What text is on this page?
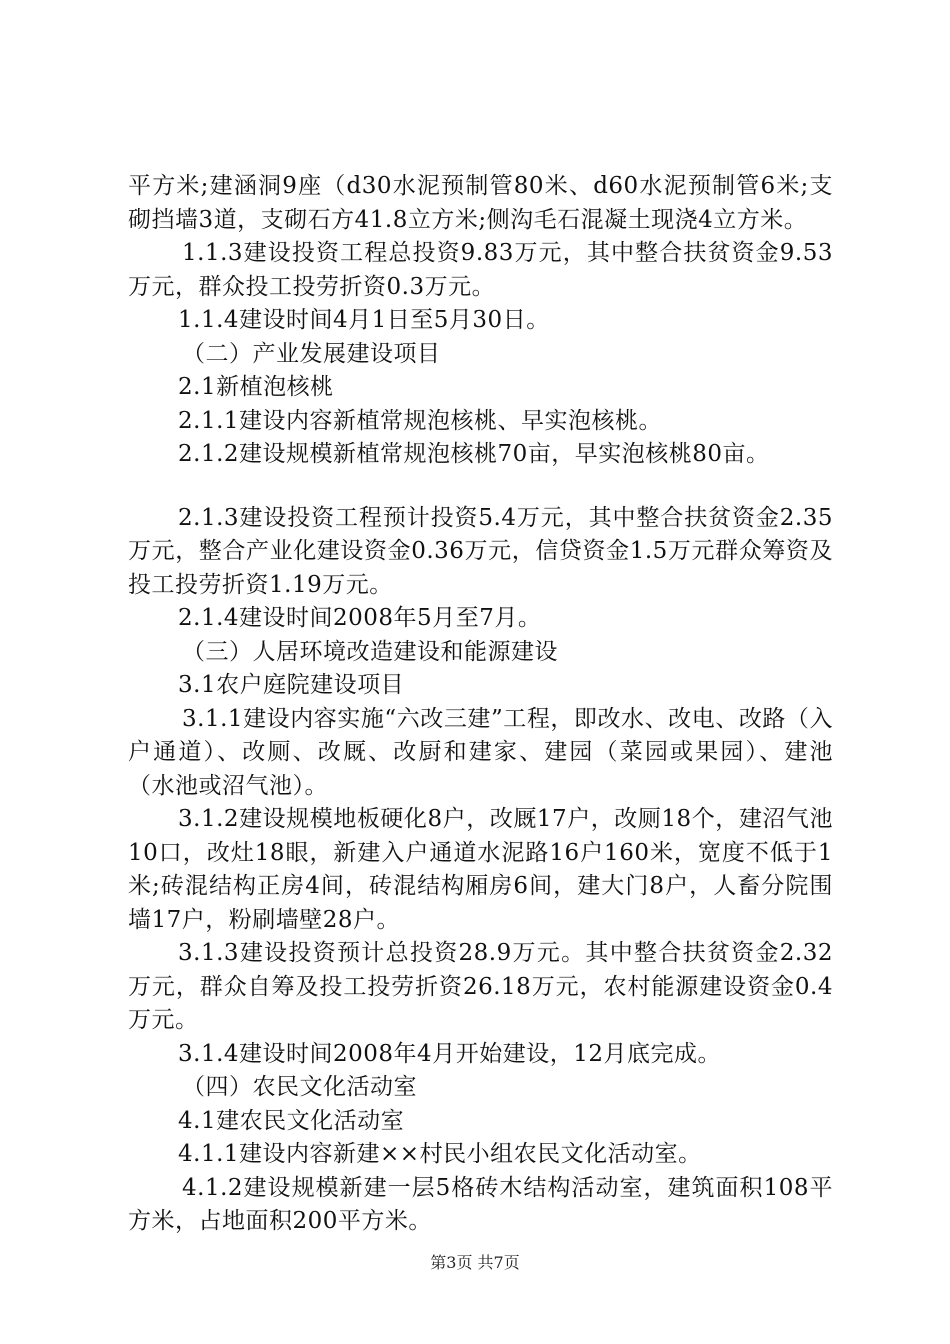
平方米;建涵洞9座（d30水泥预制管80米、d60水泥预制管6米;支砌挡墙3道，支砌石方41.8立方米;侧沟毛石混凝土现浇4立方米。

1.1.3建设投资工程总投资9.83万元，其中整合扶贫资金9.53万元，群众投工投劳折资0.3万元。

1.1.4建设时间4月1日至5月30日。

（二）产业发展建设项目

2.1新植泡核桃

2.1.1建设内容新植常规泡核桃、早实泡核桃。

2.1.2建设规模新植常规泡核桃70亩，早实泡核桃80亩。

2.1.3建设投资工程预计投资5.4万元，其中整合扶贫资金2.35万元，整合产业化建设资金0.36万元，信贷资金1.5万元群众筹资及投工投劳折资1.19万元。

2.1.4建设时间2008年5月至7月。

（三）人居环境改造建设和能源建设

3.1农户庭院建设项目

3.1.1建设内容实施“六改三建”工程，即改水、改电、改路（入户通道）、改厕、改厩、改厨和建家、建园（菜园或果园）、建池（水池或沼气池）。

3.1.2建设规模地板硬化8户，改厩17户，改厕18个，建沼气池10口，改灶18眼，新建入户通道水泥路16户160米，宽度不低于1米;砖混结构正房4间，砖混结构厢房6间，建大门8户，人畜分院围墙17户，粉刷墙壁28户。

3.1.3建设投资预计总投资28.9万元。其中整合扶贫资金2.32万元，群众自筹及投工投劳折资26.18万元，农村能源建设资金0.4万元。

3.1.4建设时间2008年4月开始建设，12月底完成。

（四）农民文化活动室

4.1建农民文化活动室

4.1.1建设内容新建××村民小组农民文化活动室。

4.1.2建设规模新建一层5格砖木结构活动室，建筑面积108平方米，占地面积200平方米。

第3页 共7页
